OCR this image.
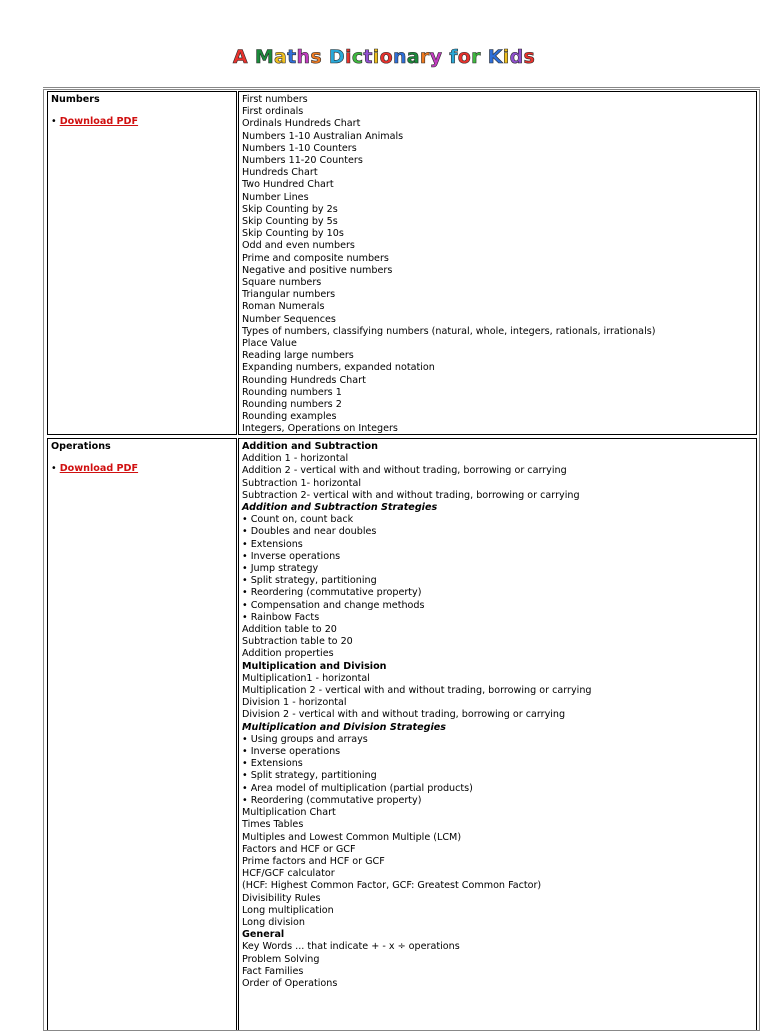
A Maths Dictionary for Kids
Numbers
• Download PDF
First numbers
First ordinals
Ordinals Hundreds Chart
Numbers 1-10 Australian Animals
Numbers 1-10 Counters
Numbers 11-20 Counters
Hundreds Chart
Two Hundred Chart
Number Lines
Skip Counting by 2s
Skip Counting by 5s
Skip Counting by 10s
Odd and even numbers
Prime and composite numbers
Negative and positive numbers
Square numbers
Triangular numbers
Roman Numerals
Number Sequences
Types of numbers, classifying numbers (natural, whole, integers, rationals, irrationals)
Place Value
Reading large numbers
Expanding numbers, expanded notation
Rounding Hundreds Chart
Rounding numbers 1
Rounding numbers 2
Rounding examples
Integers, Operations on Integers
Operations
• Download PDF
Addition and Subtraction
Addition 1 - horizontal
Addition 2 - vertical with and without trading, borrowing or carrying
Subtraction 1- horizontal
Subtraction 2- vertical with and without trading, borrowing or carrying
Addition and Subtraction Strategies
• Count on, count back
• Doubles and near doubles
• Extensions
• Inverse operations
• Jump strategy
• Split strategy, partitioning
• Reordering (commutative property)
• Compensation and change methods
• Rainbow Facts
Addition table to 20
Subtraction table to 20
Addition properties
Multiplication and Division
Multiplication1 - horizontal
Multiplication 2 - vertical with and without trading, borrowing or carrying
Division 1 - horizontal
Division 2 - vertical with and without trading, borrowing or carrying
Multiplication and Division Strategies
• Using groups and arrays
• Inverse operations
• Extensions
• Split strategy, partitioning
• Area model of multiplication (partial products)
• Reordering (commutative property)
Multiplication Chart
Times Tables
Multiples and Lowest Common Multiple (LCM)
Factors and HCF or GCF
Prime factors and HCF or GCF
HCF/GCF calculator
(HCF: Highest Common Factor, GCF: Greatest Common Factor)
Divisibility Rules
Long multiplication
Long division
General
Key Words ... that indicate + - x ÷ operations
Problem Solving
Fact Families
Order of Operations
